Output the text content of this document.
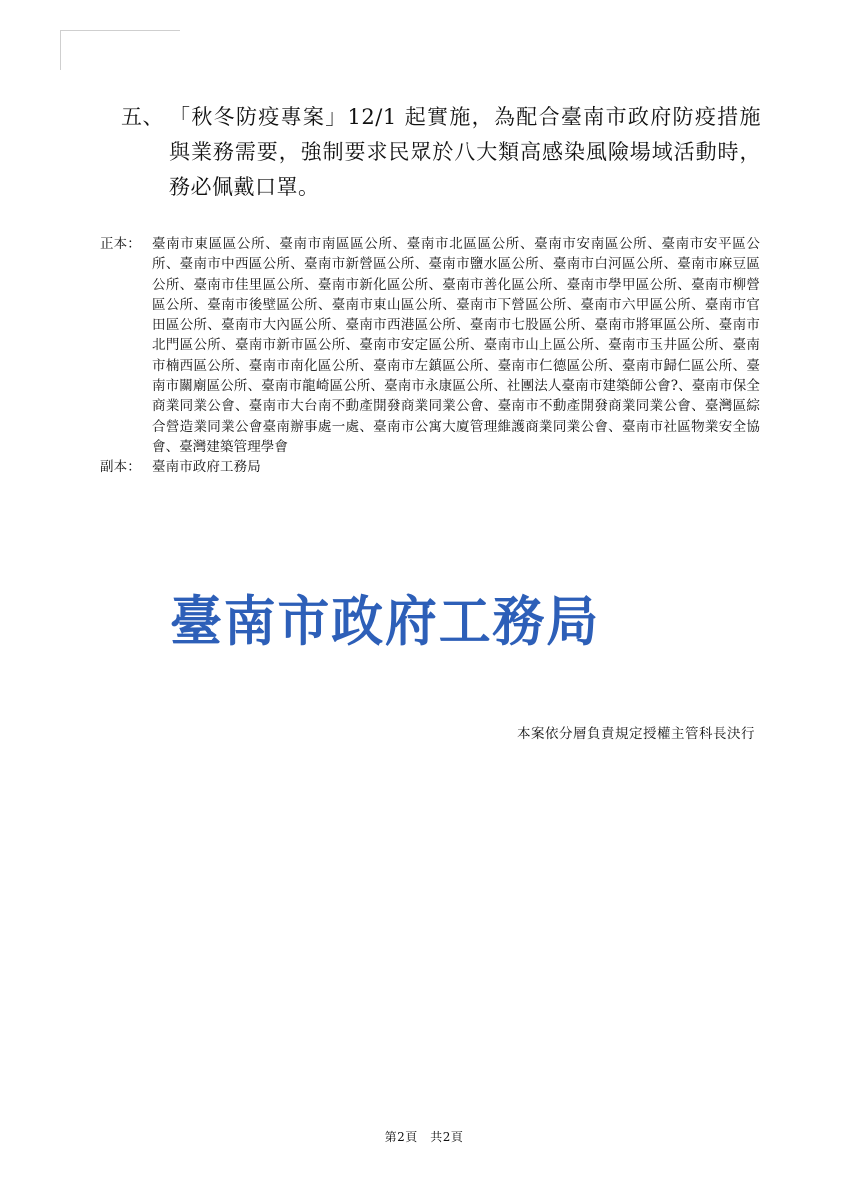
五、 「秋冬防疫專案」12/1 起實施，為配合臺南市政府防疫措施與業務需要，強制要求民眾於八大類高感染風險場域活動時，務必佩戴口罩。
正本： 臺南市東區區公所、臺南市南區區公所、臺南市北區區公所、臺南市安南區公所、臺南市安平區公所、臺南市中西區公所、臺南市新營區公所、臺南市鹽水區公所、臺南市白河區公所、臺南市麻豆區公所、臺南市佳里區公所、臺南市新化區公所、臺南市善化區公所、臺南市學甲區公所、臺南市柳營區公所、臺南市後壁區公所、臺南市東山區公所、臺南市下營區公所、臺南市六甲區公所、臺南市官田區公所、臺南市大內區公所、臺南市西港區公所、臺南市七股區公所、臺南市將軍區公所、臺南市北門區公所、臺南市新市區公所、臺南市安定區公所、臺南市山上區公所、臺南市玉井區公所、臺南市楠西區公所、臺南市南化區公所、臺南市左鎮區公所、臺南市仁德區公所、臺南市歸仁區公所、臺南市關廟區公所、臺南市龍崎區公所、臺南市永康區公所、社團法人臺南市建築師公會?、臺南市保全商業同業公會、臺南市大台南不動產開發商業同業公會、臺南市不動產開發商業同業公會、臺灣區綜合營造業同業公會臺南辦事處一處、臺南市公寓大廈管理維護商業同業公會、臺南市社區物業安全協會、臺灣建築管理學會
副本： 臺南市政府工務局
臺南市政府工務局
本案依分層負責規定授權主管科長決行
第2頁　共2頁
